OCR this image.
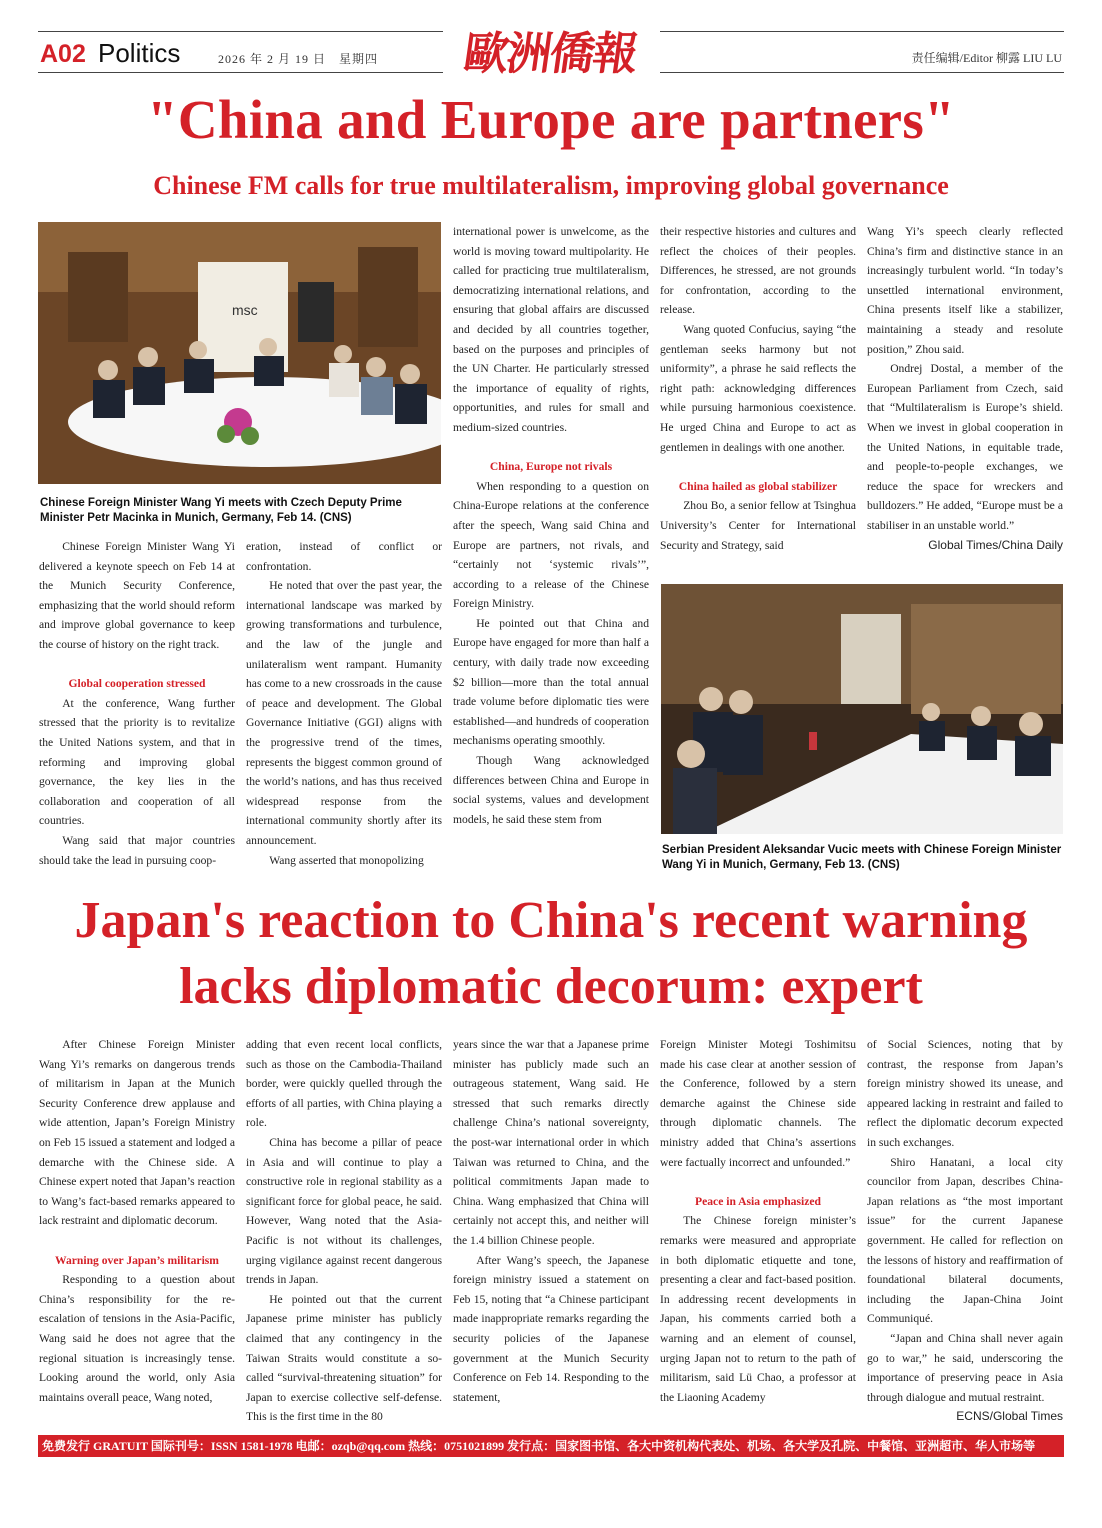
A02 Politics	2026 年 2 月 19 日　星期四 歐洲僑報	责任编辑/Editor 柳露 LIU LU
"China and Europe are partners"
Chinese FM calls for true multilateralism, improving global governance
msc
Chinese Foreign Minister Wang Yi meets with Czech Deputy Prime Minister Petr Macinka in Munich, Germany, Feb 14. (CNS)

Chinese Foreign Minister Wang Yi delivered a keynote speech on Feb 14 at the Munich Security Conference, emphasizing that the world should reform and improve global governance to keep the course of history on the right track.

Global cooperation stressed

At the conference, Wang further stressed that the priority is to revitalize the United Nations system, and that in reforming and improving global governance, the key lies in the collaboration and cooperation of all countries.

Wang said that major countries should take the lead in pursuing coop-

eration, instead of conflict or confrontation.

He noted that over the past year, the international landscape was marked by growing transformations and turbulence, and the law of the jungle and unilateralism went rampant. Humanity has come to a new crossroads in the cause of peace and development. The Global Governance Initiative (GGI) aligns with the progressive trend of the times, represents the biggest common ground of the world’s nations, and has thus received widespread response from the international community shortly after its announcement.

Wang asserted that monopolizing

international power is unwelcome, as the world is moving toward multipolarity. He called for practicing true multilateralism, democratizing international relations, and ensuring that global affairs are discussed and decided by all countries together, based on the purposes and principles of the UN Charter. He particularly stressed the importance of equality of rights, opportunities, and rules for small and medium-sized countries.

China, Europe not rivals

When responding to a question on China-Europe relations at the conference after the speech, Wang said China and Europe are partners, not rivals, and “certainly not ‘systemic rivals’”, according to a release of the Chinese Foreign Ministry.

He pointed out that China and Europe have engaged for more than half a century, with daily trade now exceeding $2 billion—more than the total annual trade volume before diplomatic ties were established—and hundreds of cooperation mechanisms operating smoothly.

Though Wang acknowledged differences between China and Europe in social systems, values and development models, he said these stem from

their respective histories and cultures and reflect the choices of their peoples. Differences, he stressed, are not grounds for confrontation, according to the release.

Wang quoted Confucius, saying “the gentleman seeks harmony but not uniformity”, a phrase he said reflects the right path: acknowledging differences while pursuing harmonious coexistence. He urged China and Europe to act as gentlemen in dealings with one another.

China hailed as global stabilizer

Zhou Bo, a senior fellow at Tsinghua University’s Center for International Security and Strategy, said

Wang Yi’s speech clearly reflected China’s firm and distinctive stance in an increasingly turbulent world. “In today’s unsettled international environment, China presents itself like a stabilizer, maintaining a steady and resolute position,” Zhou said.

Ondrej Dostal, a member of the European Parliament from Czech, said that “Multilateralism is Europe’s shield. When we invest in global cooperation in the United Nations, in equitable trade, and people-to-people exchanges, we reduce the space for wreckers and bulldozers.” He added, “Europe must be a stabiliser in an unstable world.”

Global Times/China Daily

Serbian President Aleksandar Vucic meets with Chinese Foreign Minister Wang Yi in Munich, Germany, Feb 13. (CNS)
Japan's reaction to China's recent warning
lacks diplomatic decorum: expert

After Chinese Foreign Minister Wang Yi’s remarks on dangerous trends of militarism in Japan at the Munich Security Conference drew applause and wide attention, Japan’s Foreign Ministry on Feb 15 issued a statement and lodged a demarche with the Chinese side. A Chinese expert noted that Japan’s reaction to Wang’s fact-based remarks appeared to lack restraint and diplomatic decorum.

Warning over Japan’s militarism

Responding to a question about China’s responsibility for the re-escalation of tensions in the Asia-Pacific, Wang said he does not agree that the regional situation is increasingly tense. Looking around the world, only Asia maintains overall peace, Wang noted,

adding that even recent local conflicts, such as those on the Cambodia-Thailand border, were quickly quelled through the efforts of all parties, with China playing a role.

China has become a pillar of peace in Asia and will continue to play a constructive role in regional stability as a significant force for global peace, he said. However, Wang noted that the Asia-Pacific is not without its challenges, urging vigilance against recent dangerous trends in Japan.

He pointed out that the current Japanese prime minister has publicly claimed that any contingency in the Taiwan Straits would constitute a so-called “survival-threatening situation” for Japan to exercise collective self-defense. This is the first time in the 80

years since the war that a Japanese prime minister has publicly made such an outrageous statement, Wang said. He stressed that such remarks directly challenge China’s national sovereignty, the post-war international order in which Taiwan was returned to China, and the political commitments Japan made to China. Wang emphasized that China will certainly not accept this, and neither will the 1.4 billion Chinese people.

After Wang’s speech, the Japanese foreign ministry issued a statement on Feb 15, noting that “a Chinese participant made inappropriate remarks regarding the security policies of the Japanese government at the Munich Security Conference on Feb 14. Responding to the statement,

Foreign Minister Motegi Toshimitsu made his case clear at another session of the Conference, followed by a stern demarche against the Chinese side through diplomatic channels. The ministry added that China’s assertions were factually incorrect and unfounded.”

Peace in Asia emphasized

The Chinese foreign minister’s remarks were measured and appropriate in both diplomatic etiquette and tone, presenting a clear and fact-based position. In addressing recent developments in Japan, his comments carried both a warning and an element of counsel, urging Japan not to return to the path of militarism, said Lü Chao, a professor at the Liaoning Academy

of Social Sciences, noting that by contrast, the response from Japan’s foreign ministry showed its unease, and appeared lacking in restraint and failed to reflect the diplomatic decorum expected in such exchanges.

Shiro Hanatani, a local city councilor from Japan, describes China-Japan relations as “the most important issue” for the current Japanese government. He called for reflection on the lessons of history and reaffirmation of foundational bilateral documents, including the Japan-China Joint Communiqué.

“Japan and China shall never again go to war,” he said, underscoring the importance of preserving peace in Asia through dialogue and mutual restraint.

ECNS/Global Times

免费发行 GRATUIT 国际刊号：ISSN 1581-1978 电邮：ozqb@qq.com 热线：0751021899 发行点：国家图书馆、各大中资机构代表处、机场、各大学及孔院、中餐馆、亚洲超市、华人市场等
